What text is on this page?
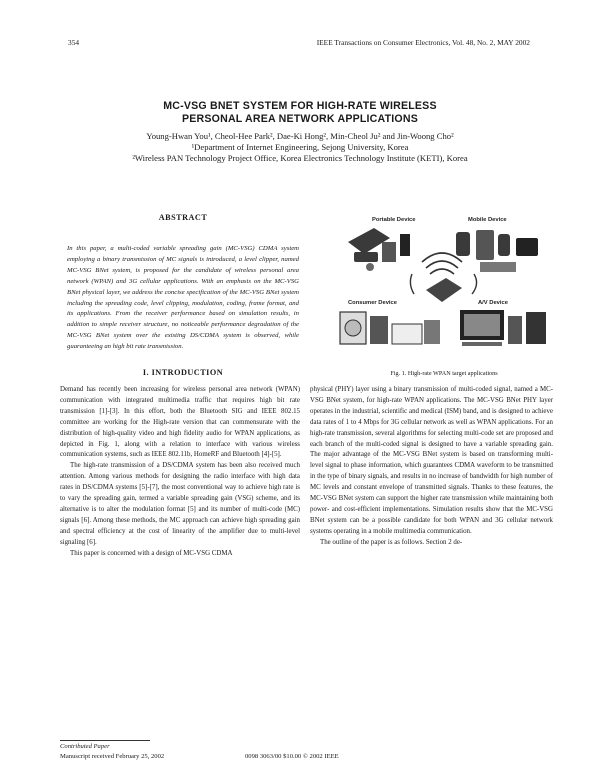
354	IEEE Transactions on Consumer Electronics, Vol. 48, No. 2, MAY 2002
MC-VSG BNET SYSTEM FOR HIGH-RATE WIRELESS
PERSONAL AREA NETWORK APPLICATIONS
Young-Hwan You¹, Cheol-Hee Park², Dae-Ki Hong², Min-Cheol Ju² and Jin-Woong Cho²
¹Department of Internet Engineering, Sejong University, Korea
²Wireless PAN Technology Project Office, Korea Electronics Technology Institute (KETI), Korea
ABSTRACT
In this paper, a multi-coded variable spreading gain (MC-VSG) CDMA system employing a binary transmission of MC signals is introduced, a level clipper, named MC-VSG BNet system, is proposed for the candidate of wireless personal area network (WPAN) and 3G cellular applications. With an emphasis on the MC-VSG BNet physical layer, we address the concise specification of the MC-VSG BNet system including the spreading code, level clipping, modulation, coding, frame format, and its applications. From the receiver performance based on simulation results, in addition to simple receiver structure, no noticeable performance degradation of the MC-VSG BNet system over the existing DS/CDMA system is observed, while guaranteeing an high bit rate transmission.
I. INTRODUCTION

Demand has recently been increasing for wireless personal area network (WPAN) communication with integrated multimedia traffic that requires high bit rate transmission [1]-[3]. In this effort, both the Bluetooth SIG and IEEE 802.15 committee are working for the High-rate version that can commensurate with the distribution of high-quality video and high fidelity audio for WPAN applications, as depicted in Fig. 1, along with a relation to interface with various wireless communication systems, such as IEEE 802.11b, HomeRF and Bluetooth [4]-[5].

The high-rate transmission of a DS/CDMA system has been also received much attention. Among various methods for designing the radio interface with high data rates in DS/CDMA systems [5]-[7], the most conventional way to achieve high rate is to vary the spreading gain, termed a variable spreading gain (VSG) scheme, and its alternative is to alter the modulation format [5] and its number of multi-code (MC) signals [6]. Among these methods, the MC approach can achieve high spreading gain and spectral efficiency at the cost of linearity of the amplifier due to multi-level signaling [6].

This paper is concerned with a design of MC-VSG CDMA

physical (PHY) layer using a binary transmission of multi-coded signal, named a MC-VSG BNet system, for high-rate WPAN applications. The MC-VSG BNet PHY layer operates in the industrial, scientific and medical (ISM) band, and is designed to achieve data rates of 1 to 4 Mbps for 3G cellular network as well as WPAN applications. For an high-rate transmission, several algorithms for selecting multi-code set are proposed and each branch of the multi-coded signal is designed to have a variable spreading gain. The major advantage of the MC-VSG BNet system is based on transforming multi-level signal to phase information, which guarantees CDMA waveform to be transmitted in the type of binary signals, and results in no increase of bandwidth for high number of MC levels and constant envelope of transmitted signals. Thanks to these features, the MC-VSG BNet system can support the higher rate transmission while maintaining both power- and cost-efficient implementations. Simulation results show that the MC-VSG BNet system can be a possible candidate for both WPAN and 3G cellular network systems operating in a mobile multimedia communication.

The outline of the paper is as follows. Section 2 de-

Portable Device	Mobile Device
Consumer Device	A/V Device
Fig. 1. High-rate WPAN target applications
Contributed Paper
Manuscript received February 25, 2002	0098 3063/00 $10.00 © 2002 IEEE
